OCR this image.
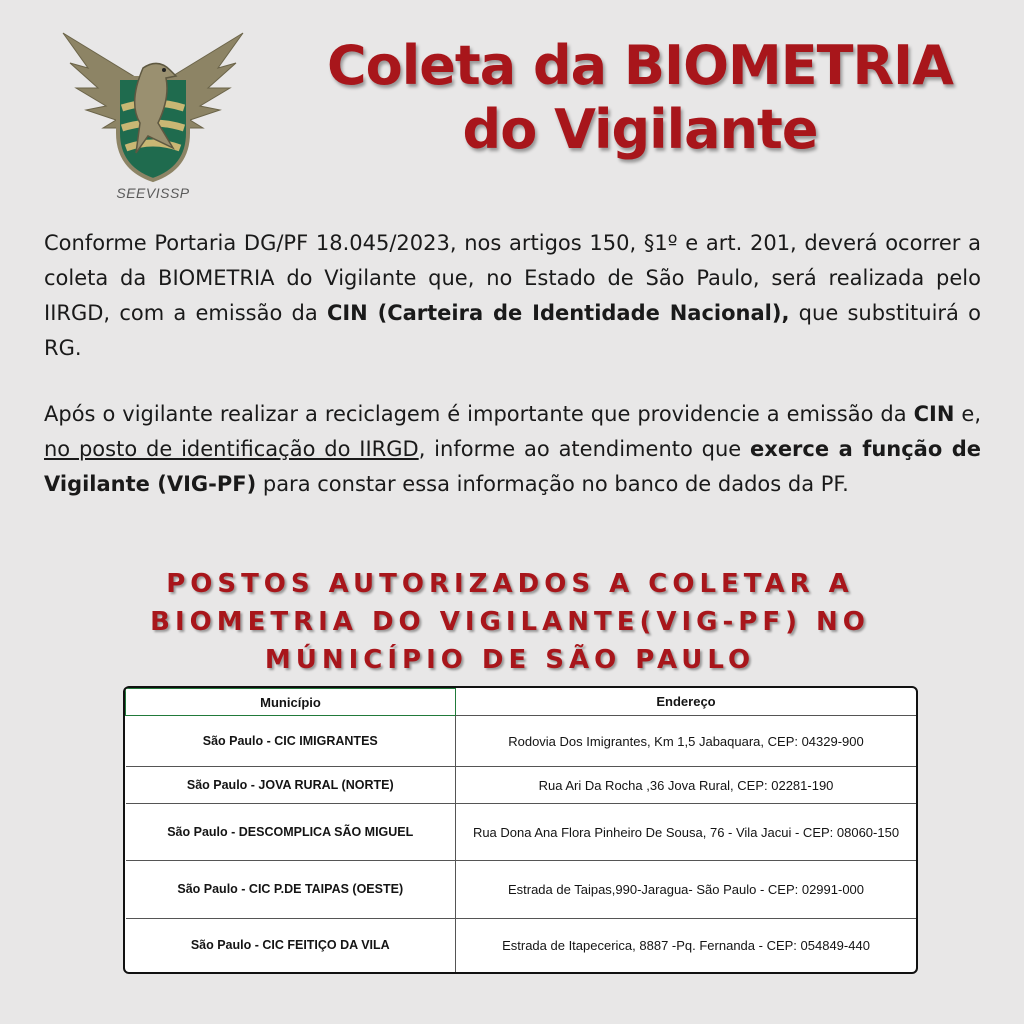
SEEVISSP
Coleta da BIOMETRIA
do Vigilante

Conforme Portaria DG/PF 18.045/2023, nos artigos 150, §1º e art. 201, deverá ocorrer a coleta da BIOMETRIA do Vigilante que, no Estado de São Paulo, será realizada pelo IIRGD, com a emissão da CIN (Carteira de Identidade Nacional), que substituirá o RG.

Após o vigilante realizar a reciclagem é importante que providencie a emissão da CIN e, no posto de identificação do IIRGD, informe ao atendimento que exerce a função de Vigilante (VIG-PF) para constar essa informação no banco de dados da PF.

POSTOS AUTORIZADOS A COLETAR A
BIOMETRIA DO VIGILANTE(VIG-PF) NO
MÚNICÍPIO DE SÃO PAULO
Município	Endereço
São Paulo - CIC IMIGRANTES	Rodovia Dos Imigrantes, Km 1,5 Jabaquara, CEP: 04329-900
São Paulo - JOVA RURAL (NORTE)	Rua Ari Da Rocha ,36 Jova Rural, CEP: 02281-190
São Paulo - DESCOMPLICA SÃO MIGUEL	Rua Dona Ana Flora Pinheiro De Sousa, 76 - Vila Jacui - CEP: 08060-150
São Paulo - CIC P.DE TAIPAS (OESTE)	Estrada de Taipas,990-Jaragua- São Paulo - CEP: 02991-000
São Paulo - CIC FEITIÇO DA VILA	Estrada de Itapecerica, 8887 -Pq. Fernanda - CEP: 054849-440
